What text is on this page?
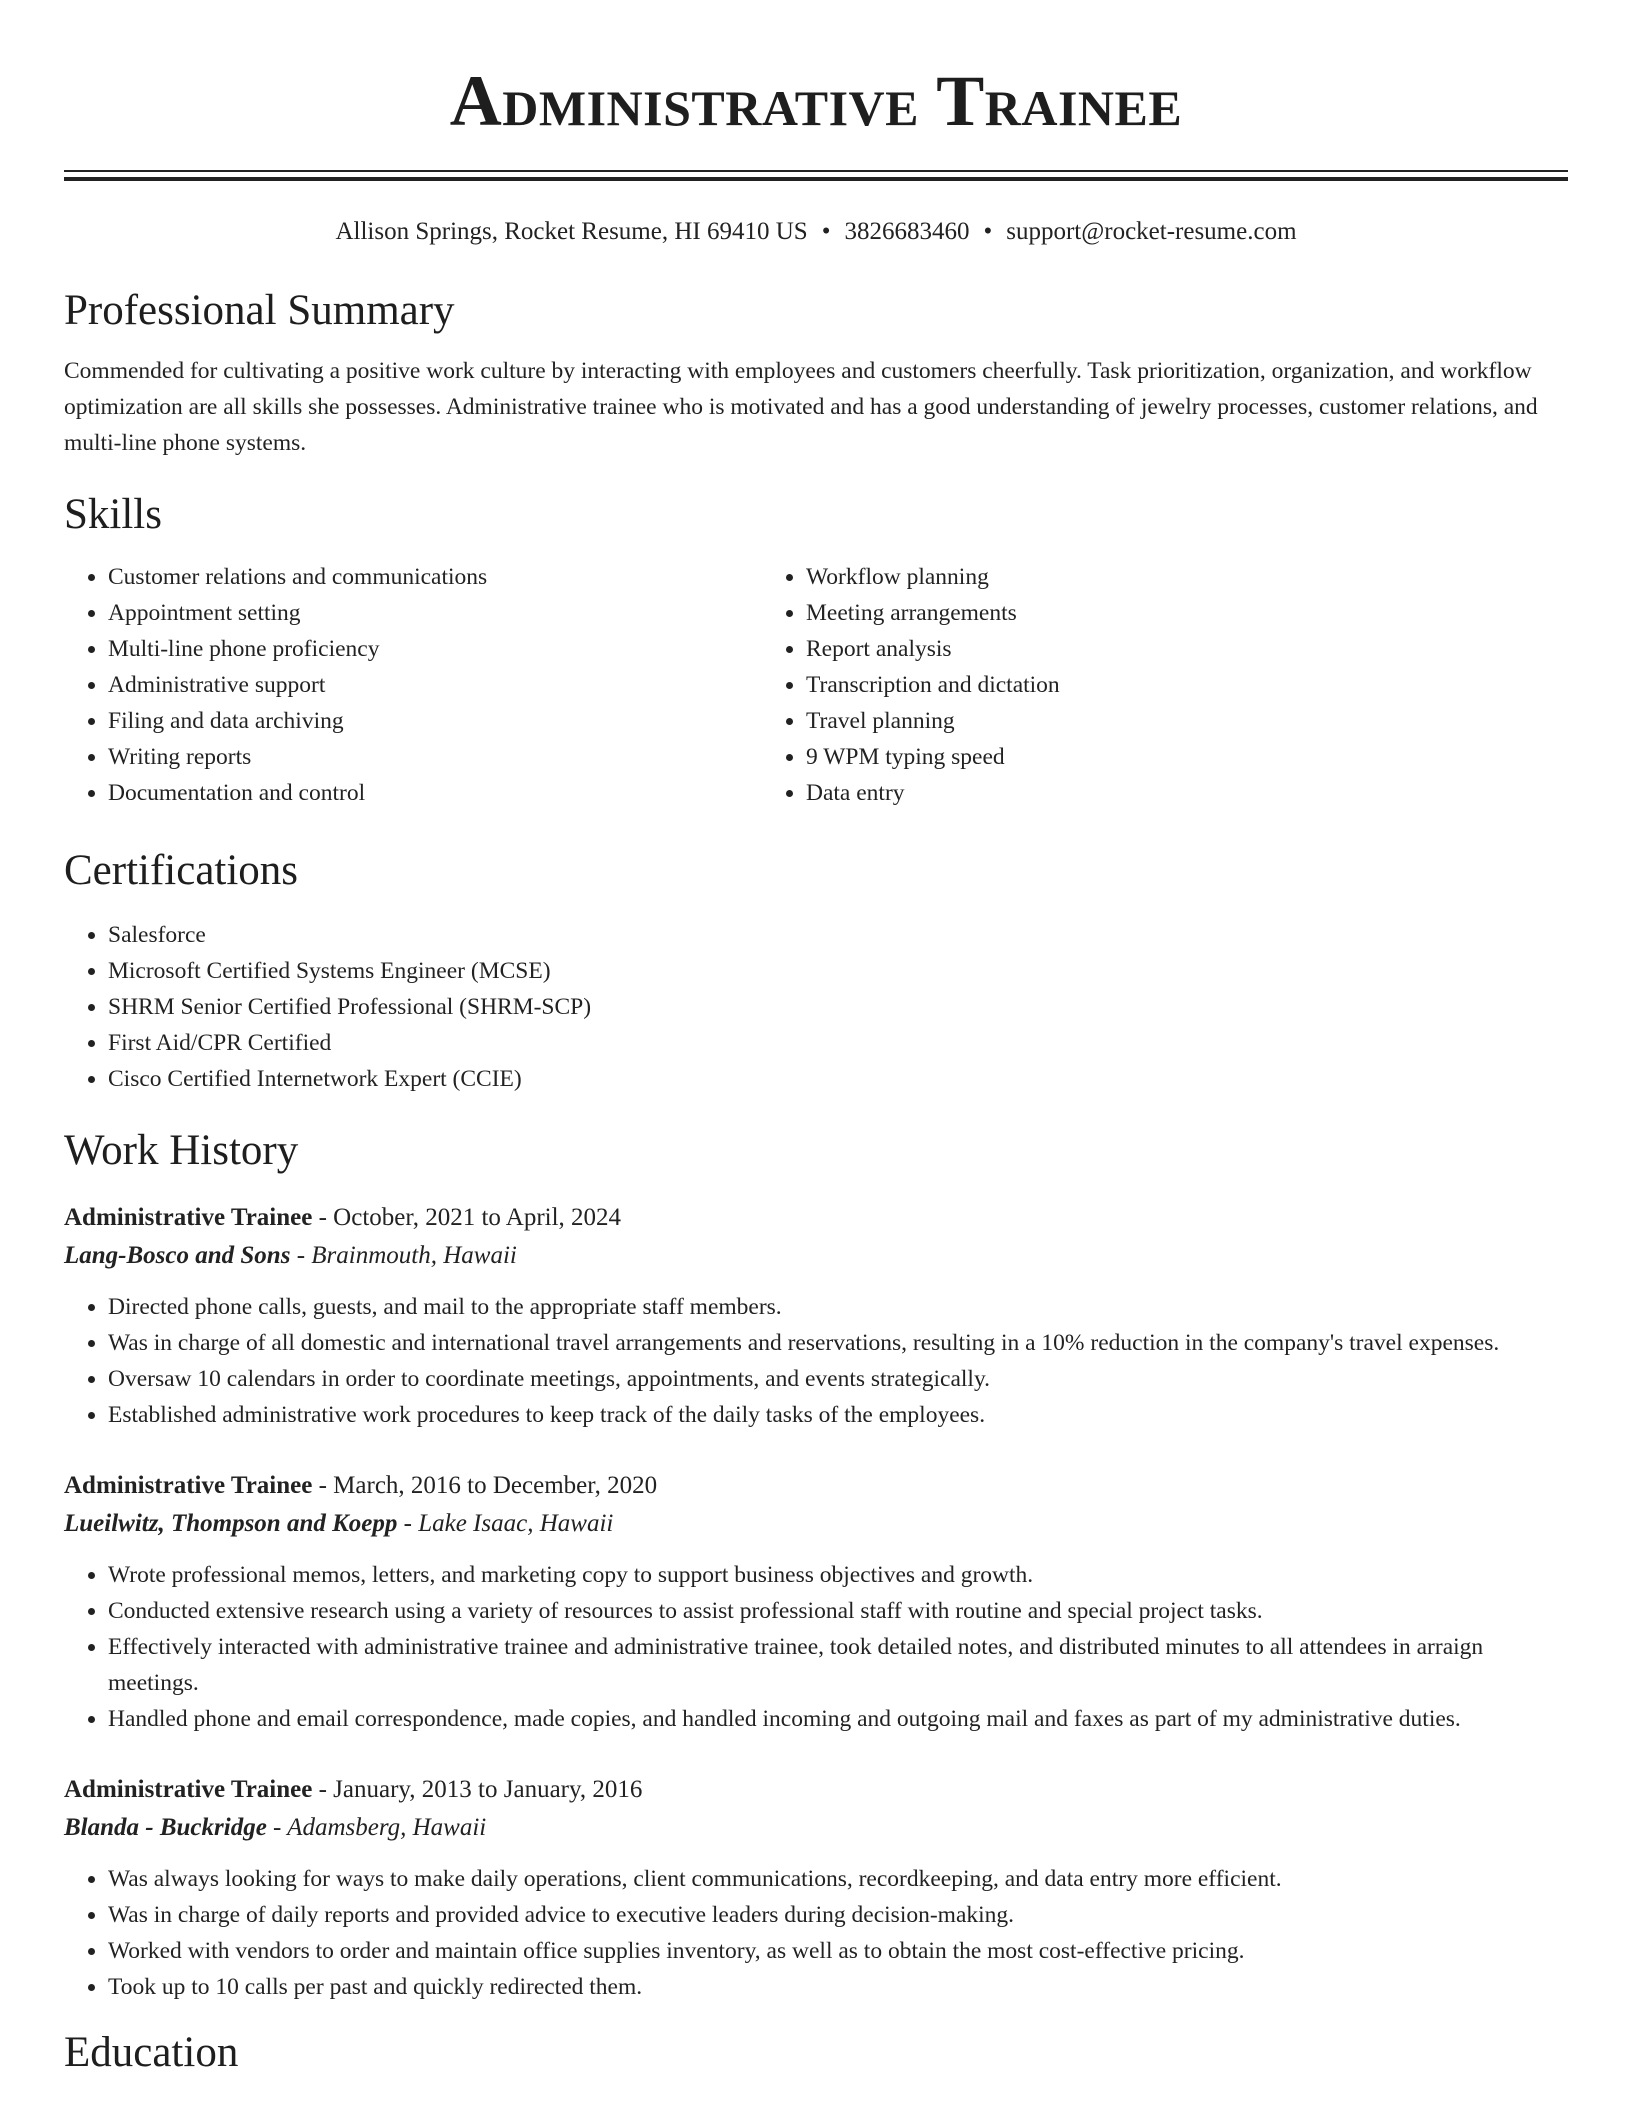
Administrative Trainee
Allison Springs, Rocket Resume, HI 69410 US • 3826683460 • support@rocket-resume.com
Professional Summary

Commended for cultivating a positive work culture by interacting with employees and customers cheerfully. Task prioritization, organization, and workflow optimization are all skills she possesses. Administrative trainee who is motivated and has a good understanding of jewelry processes, customer relations, and multi-line phone systems.

Skills
• Customer relations and communications
• Appointment setting
• Multi-line phone proficiency
• Administrative support
• Filing and data archiving
• Writing reports
• Documentation and control
• Workflow planning
• Meeting arrangements
• Report analysis
• Transcription and dictation
• Travel planning
• 9 WPM typing speed
• Data entry
Certifications
• Salesforce
• Microsoft Certified Systems Engineer (MCSE)
• SHRM Senior Certified Professional (SHRM-SCP)
• First Aid/CPR Certified
• Cisco Certified Internetwork Expert (CCIE)
Work History
Administrative Trainee - October, 2021 to April, 2024
Lang-Bosco and Sons - Brainmouth, Hawaii
• Directed phone calls, guests, and mail to the appropriate staff members.
• Was in charge of all domestic and international travel arrangements and reservations, resulting in a 10% reduction in the company's travel expenses.
• Oversaw 10 calendars in order to coordinate meetings, appointments, and events strategically.
• Established administrative work procedures to keep track of the daily tasks of the employees.
Administrative Trainee - March, 2016 to December, 2020
Lueilwitz, Thompson and Koepp - Lake Isaac, Hawaii
• Wrote professional memos, letters, and marketing copy to support business objectives and growth.
• Conducted extensive research using a variety of resources to assist professional staff with routine and special project tasks.
• Effectively interacted with administrative trainee and administrative trainee, took detailed notes, and distributed minutes to all attendees in arraign meetings.
• Handled phone and email correspondence, made copies, and handled incoming and outgoing mail and faxes as part of my administrative duties.
Administrative Trainee - January, 2013 to January, 2016
Blanda - Buckridge - Adamsberg, Hawaii
• Was always looking for ways to make daily operations, client communications, recordkeeping, and data entry more efficient.
• Was in charge of daily reports and provided advice to executive leaders during decision-making.
• Worked with vendors to order and maintain office supplies inventory, as well as to obtain the most cost-effective pricing.
• Took up to 10 calls per past and quickly redirected them.
Education
